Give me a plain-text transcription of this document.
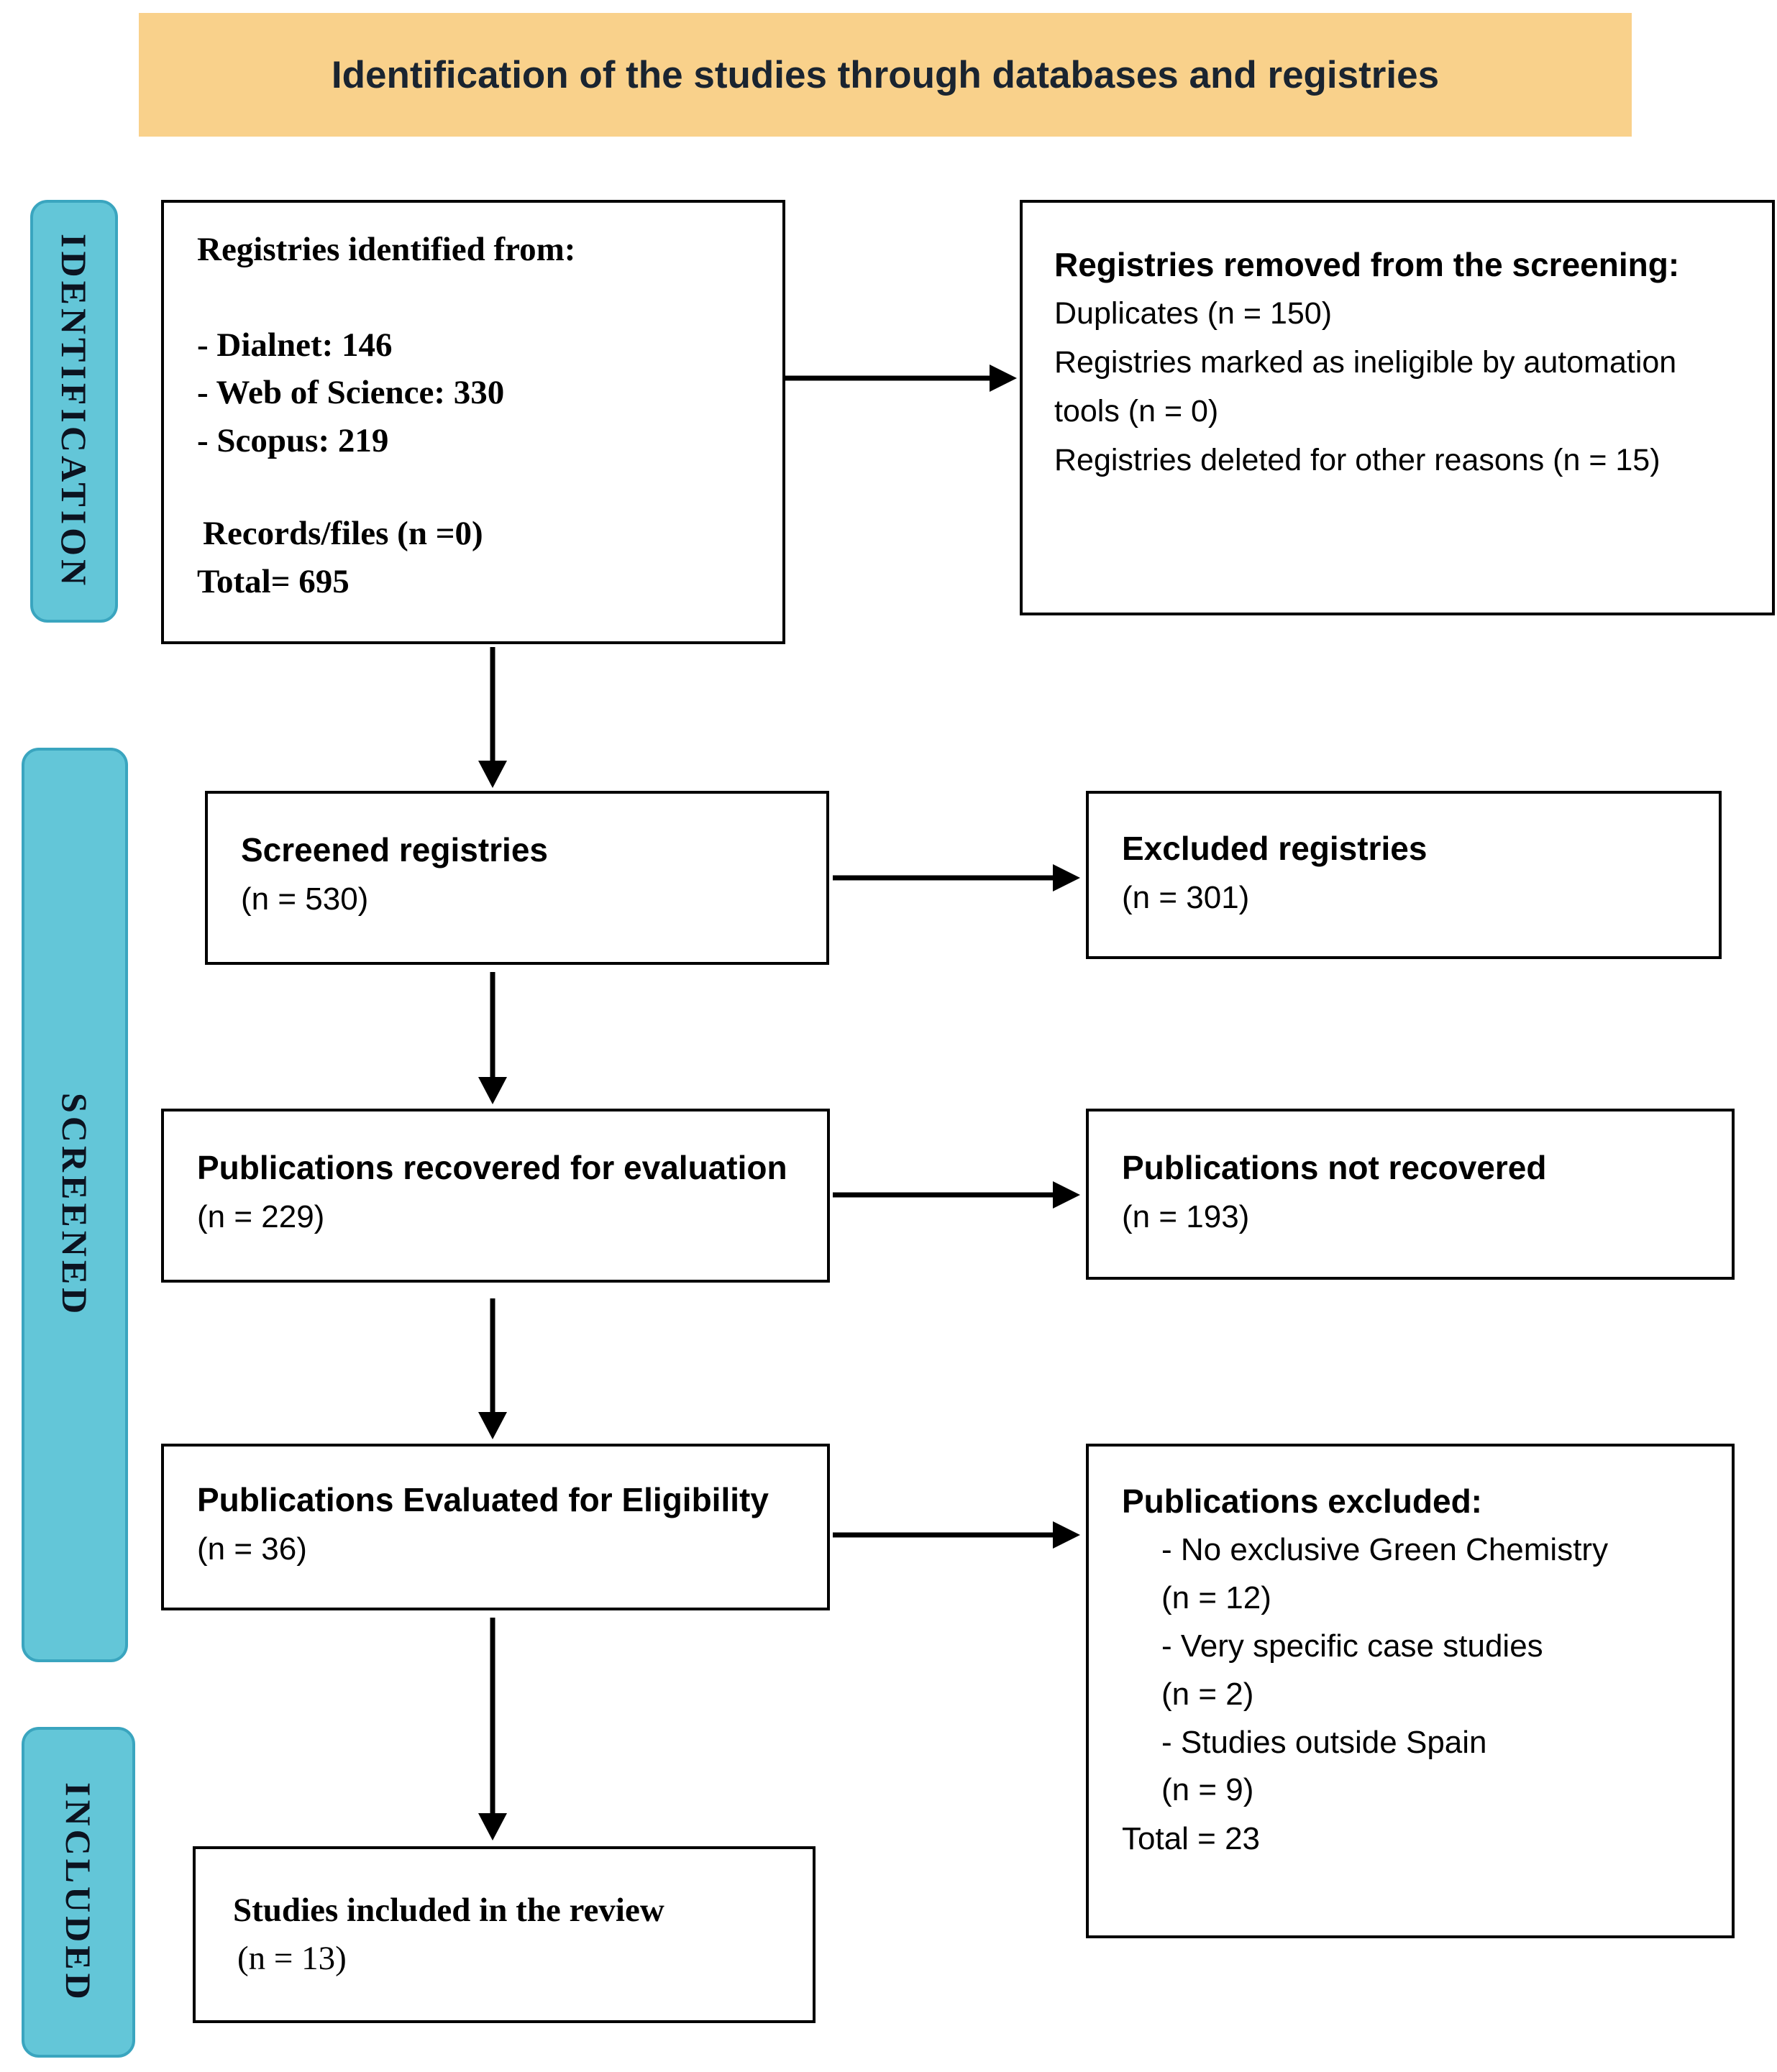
Identification of the studies through databases and registries
IDENTIFICATION
SCREENED
INCLUDED
Registries identified from:
- Dialnet: 146
- Web of Science: 330
- Scopus: 219
Records/files (n =0)
Total= 695
Registries removed from the screening:
Duplicates (n = 150)
Registries marked as ineligible by automation tools (n = 0)
Registries deleted for other reasons (n = 15)
Screened registries
(n = 530)
Excluded registries
(n = 301)
Publications recovered for evaluation
(n = 229)
Publications not recovered
(n = 193)
Publications Evaluated for Eligibility
(n = 36)
Publications excluded:
- No exclusive Green Chemistry
(n = 12)
- Very specific case studies
(n = 2)
- Studies outside Spain
(n = 9)
Total = 23
Studies included in the review
(n = 13)
